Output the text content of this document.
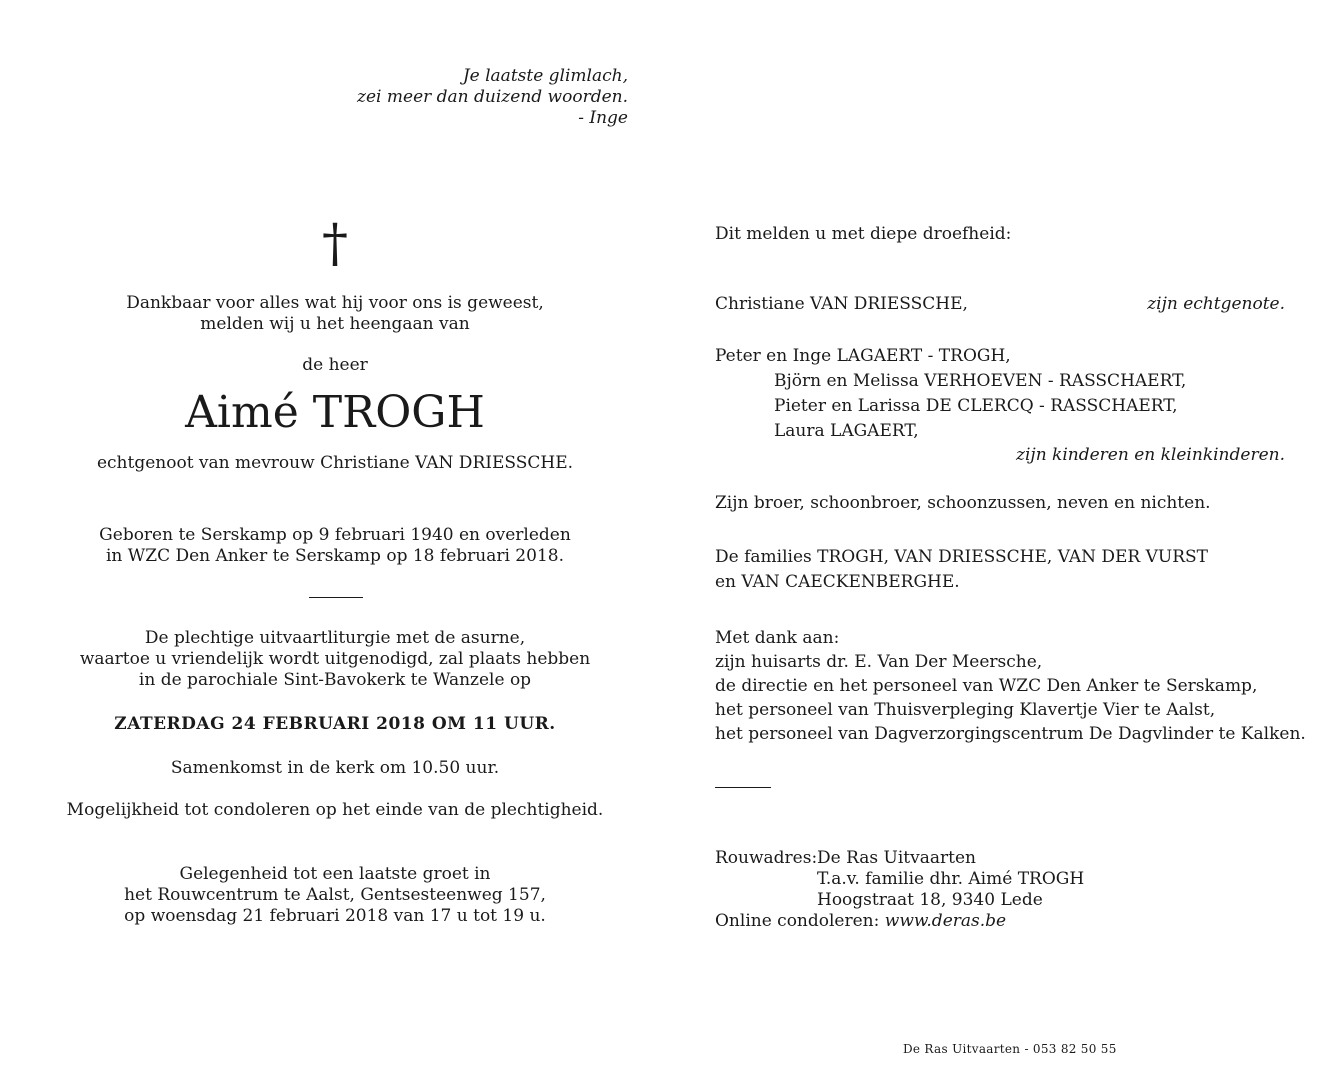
Je laatste glimlach,
zei meer dan duizend woorden.
- Inge
†
Dankbaar voor alles wat hij voor ons is geweest,
melden wij u het heengaan van
de heer
Aimé TROGH
echtgenoot van mevrouw Christiane VAN DRIESSCHE.
Geboren te Serskamp op 9 februari 1940 en overleden
in WZC Den Anker te Serskamp op 18 februari 2018.
De plechtige uitvaartliturgie met de asurne,
waartoe u vriendelijk wordt uitgenodigd, zal plaats hebben
in de parochiale Sint-Bavokerk te Wanzele op
ZATERDAG 24 FEBRUARI 2018 OM 11 UUR.
Samenkomst in de kerk om 10.50 uur.
Mogelijkheid tot condoleren op het einde van de plechtigheid.
Gelegenheid tot een laatste groet in
het Rouwcentrum te Aalst, Gentsesteenweg 157,
op woensdag 21 februari 2018 van 17 u tot 19 u.
Dit melden u met diepe droefheid:
Christiane VAN DRIESSCHE,	zijn echtgenote.
Peter en Inge LAGAERT - TROGH,
Björn en Melissa VERHOEVEN - RASSCHAERT,
Pieter en Larissa DE CLERCQ - RASSCHAERT,
Laura LAGAERT,
zijn kinderen en kleinkinderen.
Zijn broer, schoonbroer, schoonzussen, neven en nichten.
De families TROGH, VAN DRIESSCHE, VAN DER VURST
en VAN CAECKENBERGHE.
Met dank aan:
zijn huisarts dr. E. Van Der Meersche,
de directie en het personeel van WZC Den Anker te Serskamp,
het personeel van Thuisverpleging Klavertje Vier te Aalst,
het personeel van Dagverzorgingscentrum De Dagvlinder te Kalken.
Rouwadres: De Ras Uitvaarten
T.a.v. familie dhr. Aimé TROGH
Hoogstraat 18, 9340 Lede
Online condoleren: www.deras.be
De Ras Uitvaarten - 053 82 50 55
